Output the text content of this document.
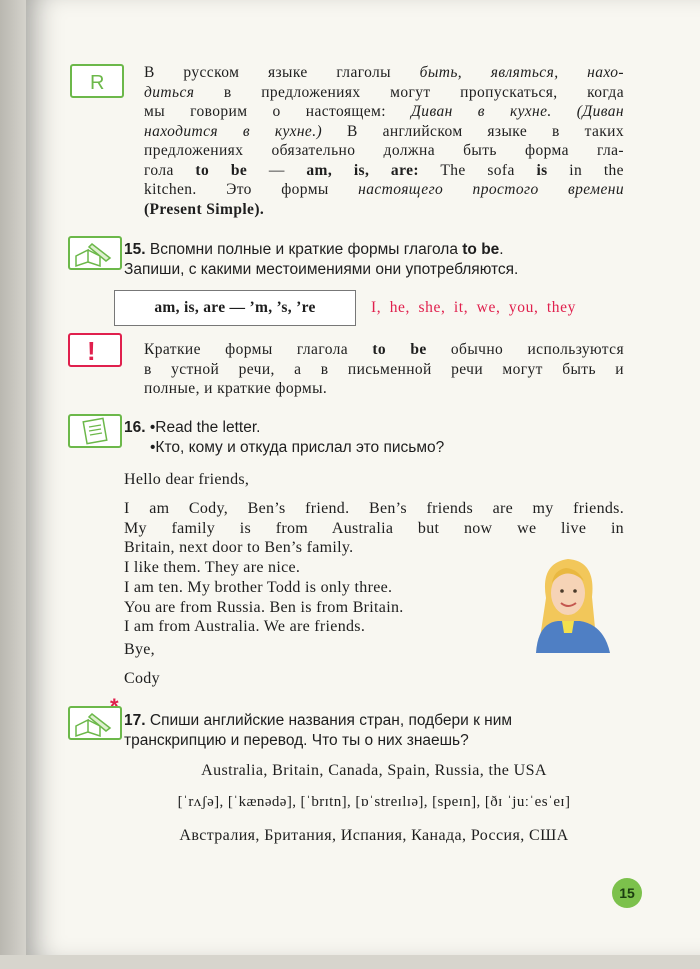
R	В русском языке глаголы быть, являться, нахо-
диться в предложениях могут пропускаться, когда
мы говорим о настоящем: Диван в кухне. (Диван
находится в кухне.) В английском языке в таких
предложениях обязательно должна быть форма гла-
гола to be — am, is, are: The sofa is in the
kitchen. Это формы настоящего простого времени
(Present Simple).
15. Вспомни полные и краткие формы глагола to be.
Запиши, с какими местоимениями они употребляются.
am, is, are — ’m, ’s, ’re	I, he, she, it, we, you, they
!	Краткие формы глагола to be обычно используются
в устной речи, а в письменной речи могут быть и
полные, и краткие формы.
16. •Read the letter.
•Кто, кому и откуда прислал это письмо?
Hello dear friends,
I am Cody, Ben’s friend. Ben’s friends are my friends.
My family is from Australia but now we live in
Britain, next door to Ben’s family.
I like them. They are nice.
I am ten. My brother Todd is only three.
You are from Russia. Ben is from Britain.
I am from Australia. We are friends.
Bye,
Cody
17. Спиши английские названия стран, подбери к ним
транскрипцию и перевод. Что ты о них знаешь?
Australia, Britain, Canada, Spain, Russia, the USA
[ˈrʌʃə], [ˈkænədə], [ˈbrɪtn], [ɒˈstreɪlɪə], [speɪn], [ðɪ ˈjuːˈesˈeɪ]
Австралия, Британия, Испания, Канада, Россия, США
15
